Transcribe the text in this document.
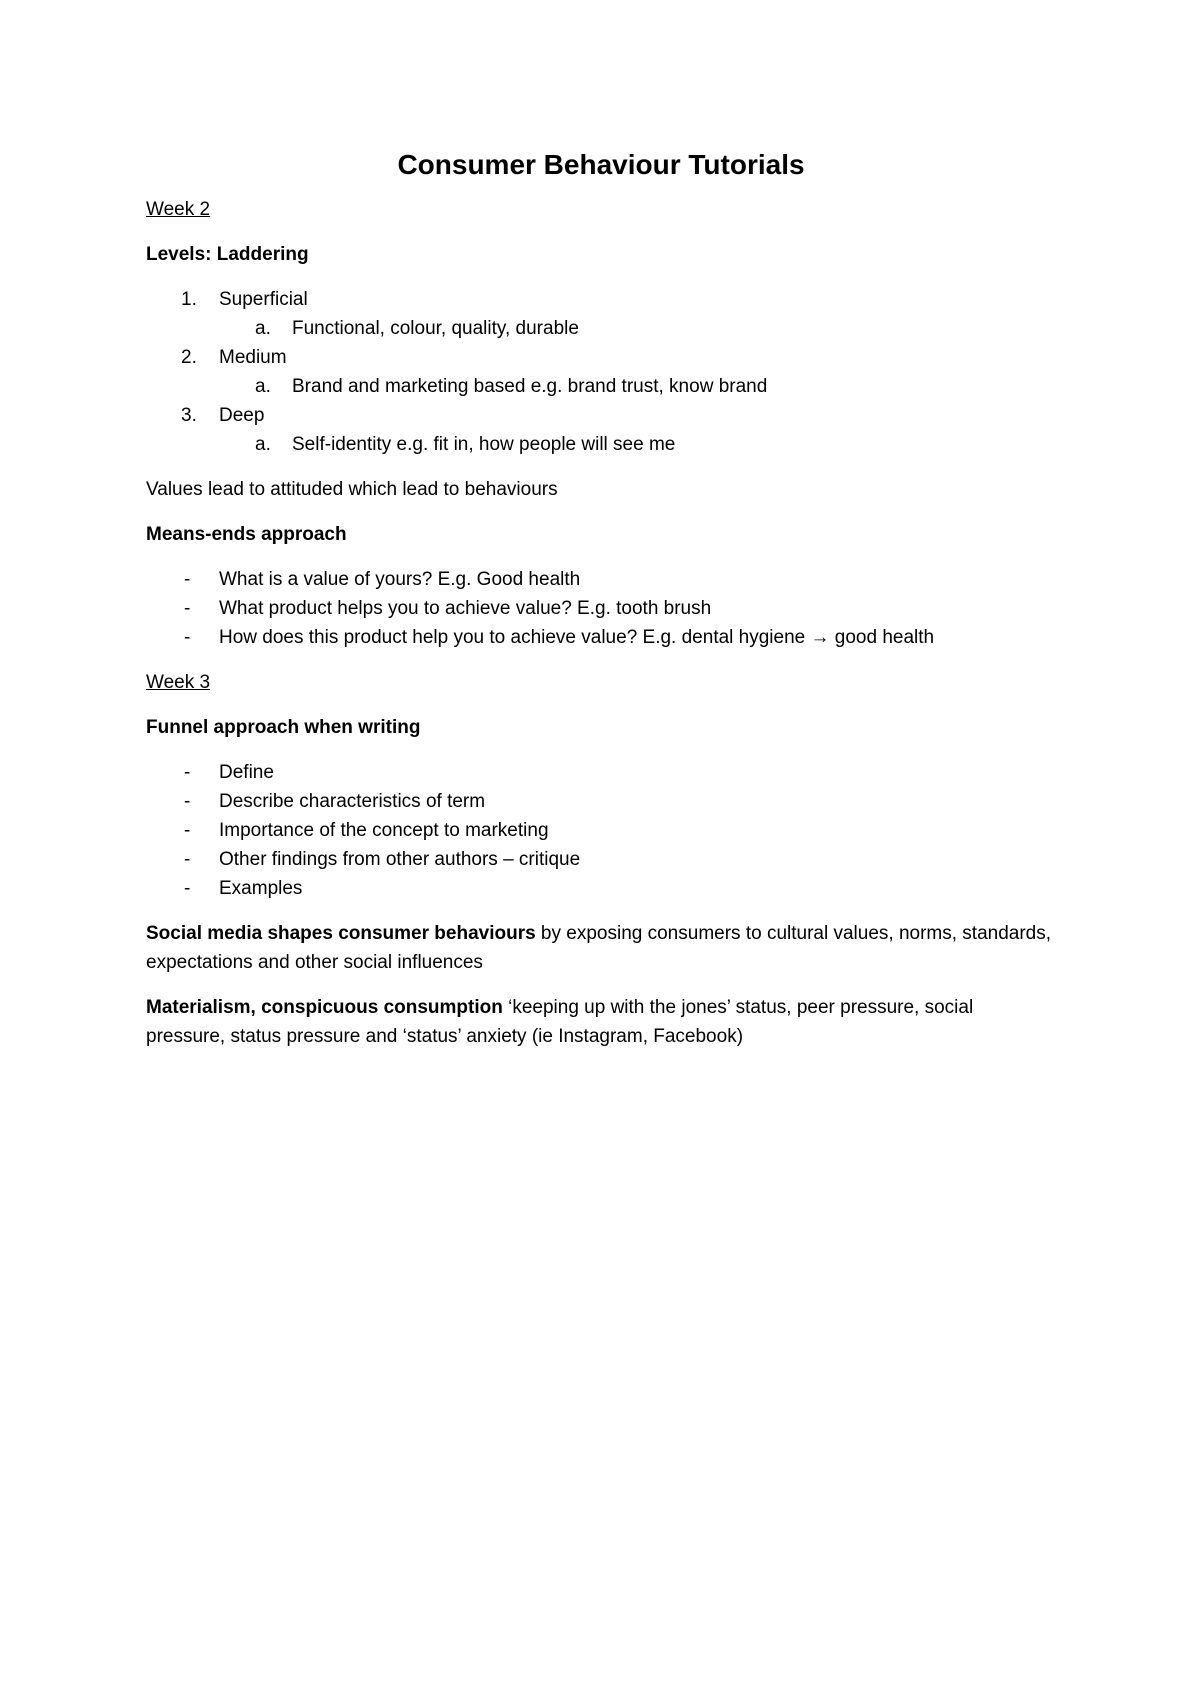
Consumer Behaviour Tutorials
Week 2
Levels: Laddering
1.	Superficial
a.	Functional, colour, quality, durable
2.	Medium
a.	Brand and marketing based e.g. brand trust, know brand
3.	Deep
a.	Self-identity e.g. fit in, how people will see me
Values lead to attituded which lead to behaviours
Means-ends approach
-	What is a value of yours? E.g. Good health
-	What product helps you to achieve value? E.g. tooth brush
-	How does this product help you to achieve value? E.g. dental hygiene → good health
Week 3
Funnel approach when writing
-	Define
-	Describe characteristics of term
-	Importance of the concept to marketing
-	Other findings from other authors – critique
-	Examples
Social media shapes consumer behaviours by exposing consumers to cultural values, norms, standards, expectations and other social influences
Materialism, conspicuous consumption ‘keeping up with the jones’ status, peer pressure, social pressure, status pressure and ‘status’ anxiety (ie Instagram, Facebook)
